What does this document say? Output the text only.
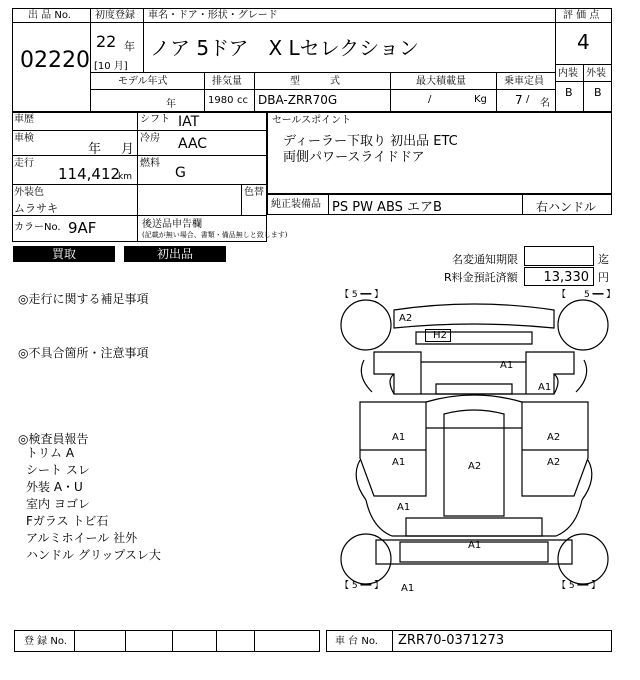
出 品 No.
02220
初度登録
22 年
[10 月]
車名・ドア・形状・グレード
ノア 5ドア　X Lセレクション
評 価 点
4
内装 外装
B B
モデル年式
年
排気量
1980 cc
型　　　式
DBA-ZRR70G
最大積載量
/	Kg
乗車定員
7 / 名
車歴	シフト IAT
車検
年 月
冷房 AAC
走行
114,412
km
燃料
G
外装色
ムラサキ
色替
カラーNo. 9AF	後送品申告欄
(記載が無い場合、書類・備品無しと致します)
セールスポイント
ディーラー下取り 初出品 ETC
両側パワースライドドア
純正装備品 PS PW ABS エアB	右ハンドル
買取	初出品	名変通知期限	迄
R料金預託済額 13,330 円
◎走行に関する補足事項
◎不具合箇所・注意事項
◎検査員報告
トリム A
シート スレ
外装 A・U
室内 ヨゴレ
Fガラス トビ石
アルミホイール 社外
ハンドル グリップスレ大
【 5 ━━ 】	【　　5 ━━ 】
【 5 ━━ 】	【 5 ━━ 】
A2
H2
A1
A1	A2
A1	A2
A2
A1
A1
A1
A1
登 録 No.	車 台 No. ZRR70-0371273
